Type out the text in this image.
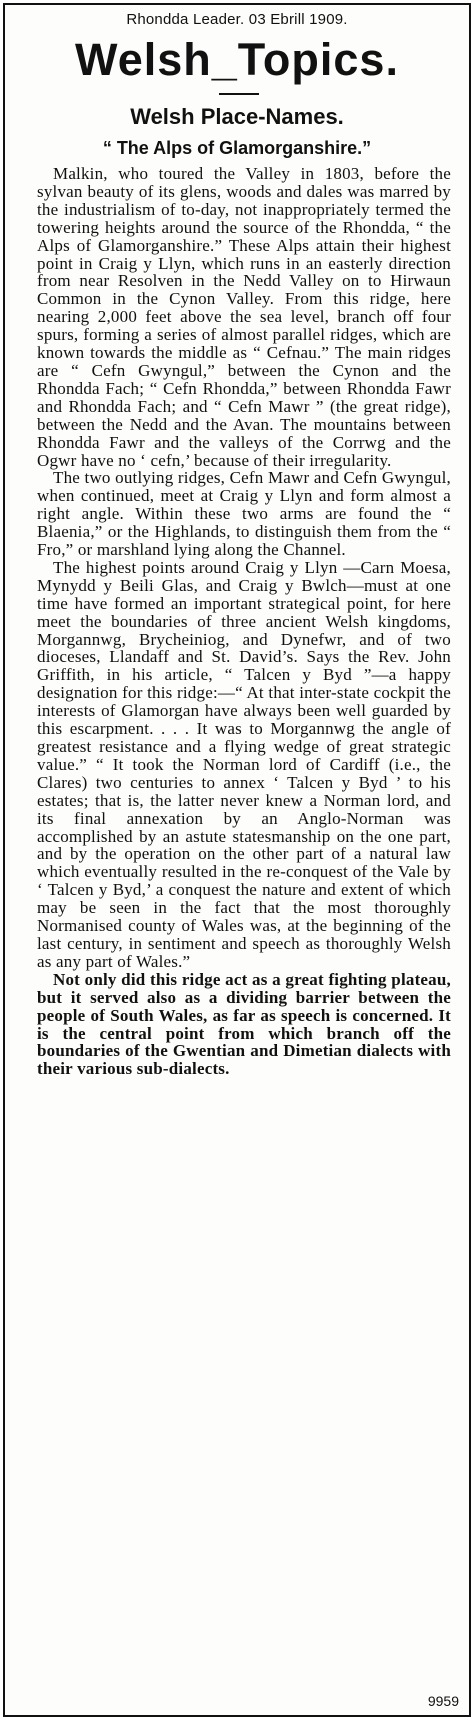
Rhondda Leader. 03 Ebrill 1909.
Welsh_Topics.
Welsh Place-Names.
“ The Alps of Glamorganshire.”

Malkin, who toured the Valley in 1803, before the sylvan beauty of its glens, woods and dales was marred by the industrialism of to-day, not inappropriately termed the towering heights around the source of the Rhondda, “ the Alps of Glamorganshire.” These Alps attain their highest point in Craig y Llyn, which runs in an easterly direction from near Resolven in the Nedd Valley on to Hirwaun Common in the Cynon Valley. From this ridge, here nearing 2,000 feet above the sea level, branch off four spurs, forming a series of almost parallel ridges, which are known towards the middle as “ Cefnau.” The main ridges are “ Cefn Gwyngul,” between the Cynon and the Rhondda Fach; “ Cefn Rhondda,” between Rhondda Fawr and Rhondda Fach; and “ Cefn Mawr ” (the great ridge), between the Nedd and the Avan. The mountains between Rhondda Fawr and the valleys of the Corrwg and the Ogwr have no ‘ cefn,’ because of their irregularity.

The two outlying ridges, Cefn Mawr and Cefn Gwyngul, when continued, meet at Craig y Llyn and form almost a right angle. Within these two arms are found the “ Blaenia,” or the Highlands, to distinguish them from the “ Fro,” or marshland lying along the Channel.

The highest points around Craig y Llyn —Carn Moesa, Mynydd y Beili Glas, and Craig y Bwlch—must at one time have formed an important strategical point, for here meet the boundaries of three ancient Welsh kingdoms, Morgannwg, Brycheiniog, and Dynefwr, and of two dioceses, Llandaff and St. David’s. Says the Rev. John Griffith, in his article, “ Talcen y Byd ”—a happy designation for this ridge:—“ At that inter-state cockpit the interests of Glamorgan have always been well guarded by this escarpment. . . . It was to Morgannwg the angle of greatest resistance and a flying wedge of great strategic value.” “ It took the Norman lord of Cardiff (i.e., the Clares) two centuries to annex ‘ Talcen y Byd ’ to his estates; that is, the latter never knew a Norman lord, and its final annexation by an Anglo-Norman was accomplished by an astute statesmanship on the one part, and by the operation on the other part of a natural law which eventually resulted in the re-conquest of the Vale by ‘ Talcen y Byd,’ a conquest the nature and extent of which may be seen in the fact that the most thoroughly Normanised county of Wales was, at the beginning of the last century, in sentiment and speech as thoroughly Welsh as any part of Wales.”

Not only did this ridge act as a great fighting plateau, but it served also as a dividing barrier between the people of South Wales, as far as speech is concerned. It is the central point from which branch off the boundaries of the Gwentian and Dimetian dialects with their various sub-dialects.

9959
